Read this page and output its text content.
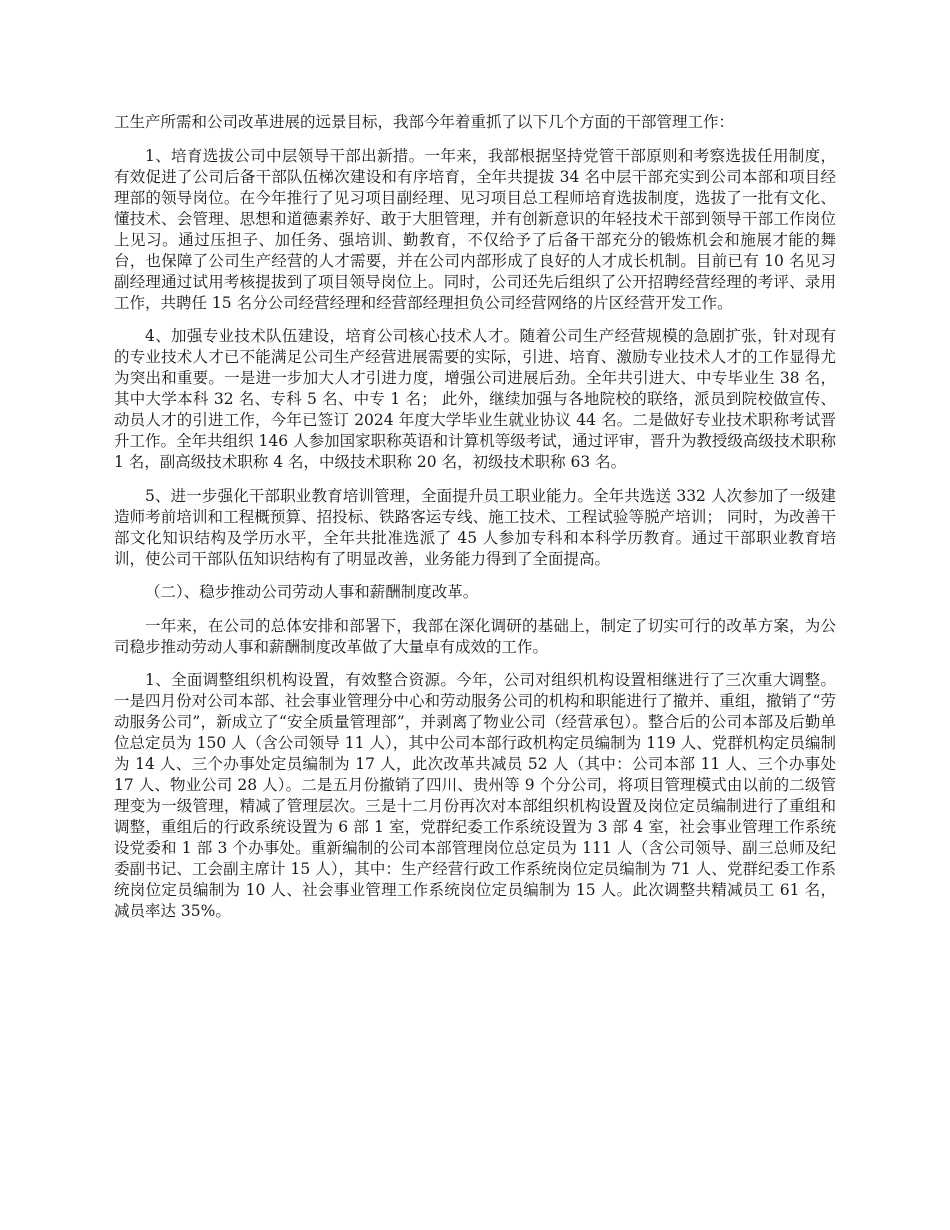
工生产所需和公司改革进展的远景目标，我部今年着重抓了以下几个方面的干部管理工作：

1、培育选拔公司中层领导干部出新措。一年来，我部根据坚持党管干部原则和考察选拔任用制度，有效促进了公司后备干部队伍梯次建设和有序培育，全年共提拔 34 名中层干部充实到公司本部和项目经理部的领导岗位。在今年推行了见习项目副经理、见习项目总工程师培育选拔制度，选拔了一批有文化、懂技术、会管理、思想和道德素养好、敢于大胆管理，并有创新意识的年轻技术干部到领导干部工作岗位上见习。通过压担子、加任务、强培训、勤教育，不仅给予了后备干部充分的锻炼机会和施展才能的舞台，也保障了公司生产经营的人才需要，并在公司内部形成了良好的人才成长机制。目前已有 10 名见习副经理通过试用考核提拔到了项目领导岗位上。同时，公司还先后组织了公开招聘经营经理的考评、录用工作，共聘任 15 名分公司经营经理和经营部经理担负公司经营网络的片区经营开发工作。

4、加强专业技术队伍建设，培育公司核心技术人才。随着公司生产经营规模的急剧扩张，针对现有的专业技术人才已不能满足公司生产经营进展需要的实际，引进、培育、激励专业技术人才的工作显得尤为突出和重要。一是进一步加大人才引进力度，增强公司进展后劲。全年共引进大、中专毕业生 38 名，其中大学本科 32 名、专科 5 名、中专 1 名； 此外，继续加强与各地院校的联络，派员到院校做宣传、动员人才的引进工作，今年已签订 2024 年度大学毕业生就业协议 44 名。二是做好专业技术职称考试晋升工作。全年共组织 146 人参加国家职称英语和计算机等级考试，通过评审，晋升为教授级高级技术职称 1 名，副高级技术职称 4 名，中级技术职称 20 名，初级技术职称 63 名。

5、进一步强化干部职业教育培训管理，全面提升员工职业能力。全年共选送 332 人次参加了一级建造师考前培训和工程概预算、招投标、铁路客运专线、施工技术、工程试验等脱产培训； 同时，为改善干部文化知识结构及学历水平，全年共批准选派了 45 人参加专科和本科学历教育。通过干部职业教育培训，使公司干部队伍知识结构有了明显改善，业务能力得到了全面提高。

（二）、稳步推动公司劳动人事和薪酬制度改革。

一年来，在公司的总体安排和部署下，我部在深化调研的基础上，制定了切实可行的改革方案，为公司稳步推动劳动人事和薪酬制度改革做了大量卓有成效的工作。

1、全面调整组织机构设置，有效整合资源。今年，公司对组织机构设置相继进行了三次重大调整。一是四月份对公司本部、社会事业管理分中心和劳动服务公司的机构和职能进行了撤并、重组，撤销了“劳动服务公司”，新成立了“安全质量管理部”，并剥离了物业公司（经营承包）。整合后的公司本部及后勤单位总定员为 150 人（含公司领导 11 人），其中公司本部行政机构定员编制为 119 人、党群机构定员编制为 14 人、三个办事处定员编制为 17 人，此次改革共减员 52 人（其中：公司本部 11 人、三个办事处 17 人、物业公司 28 人）。二是五月份撤销了四川、贵州等 9 个分公司，将项目管理模式由以前的二级管理变为一级管理，精减了管理层次。三是十二月份再次对本部组织机构设置及岗位定员编制进行了重组和调整，重组后的行政系统设置为 6 部 1 室，党群纪委工作系统设置为 3 部 4 室，社会事业管理工作系统设党委和 1 部 3 个办事处。重新编制的公司本部管理岗位总定员为 111 人（含公司领导、副三总师及纪委副书记、工会副主席计 15 人），其中：生产经营行政工作系统岗位定员编制为 71 人、党群纪委工作系统岗位定员编制为 10 人、社会事业管理工作系统岗位定员编制为 15 人。此次调整共精减员工 61 名，减员率达 35%。
